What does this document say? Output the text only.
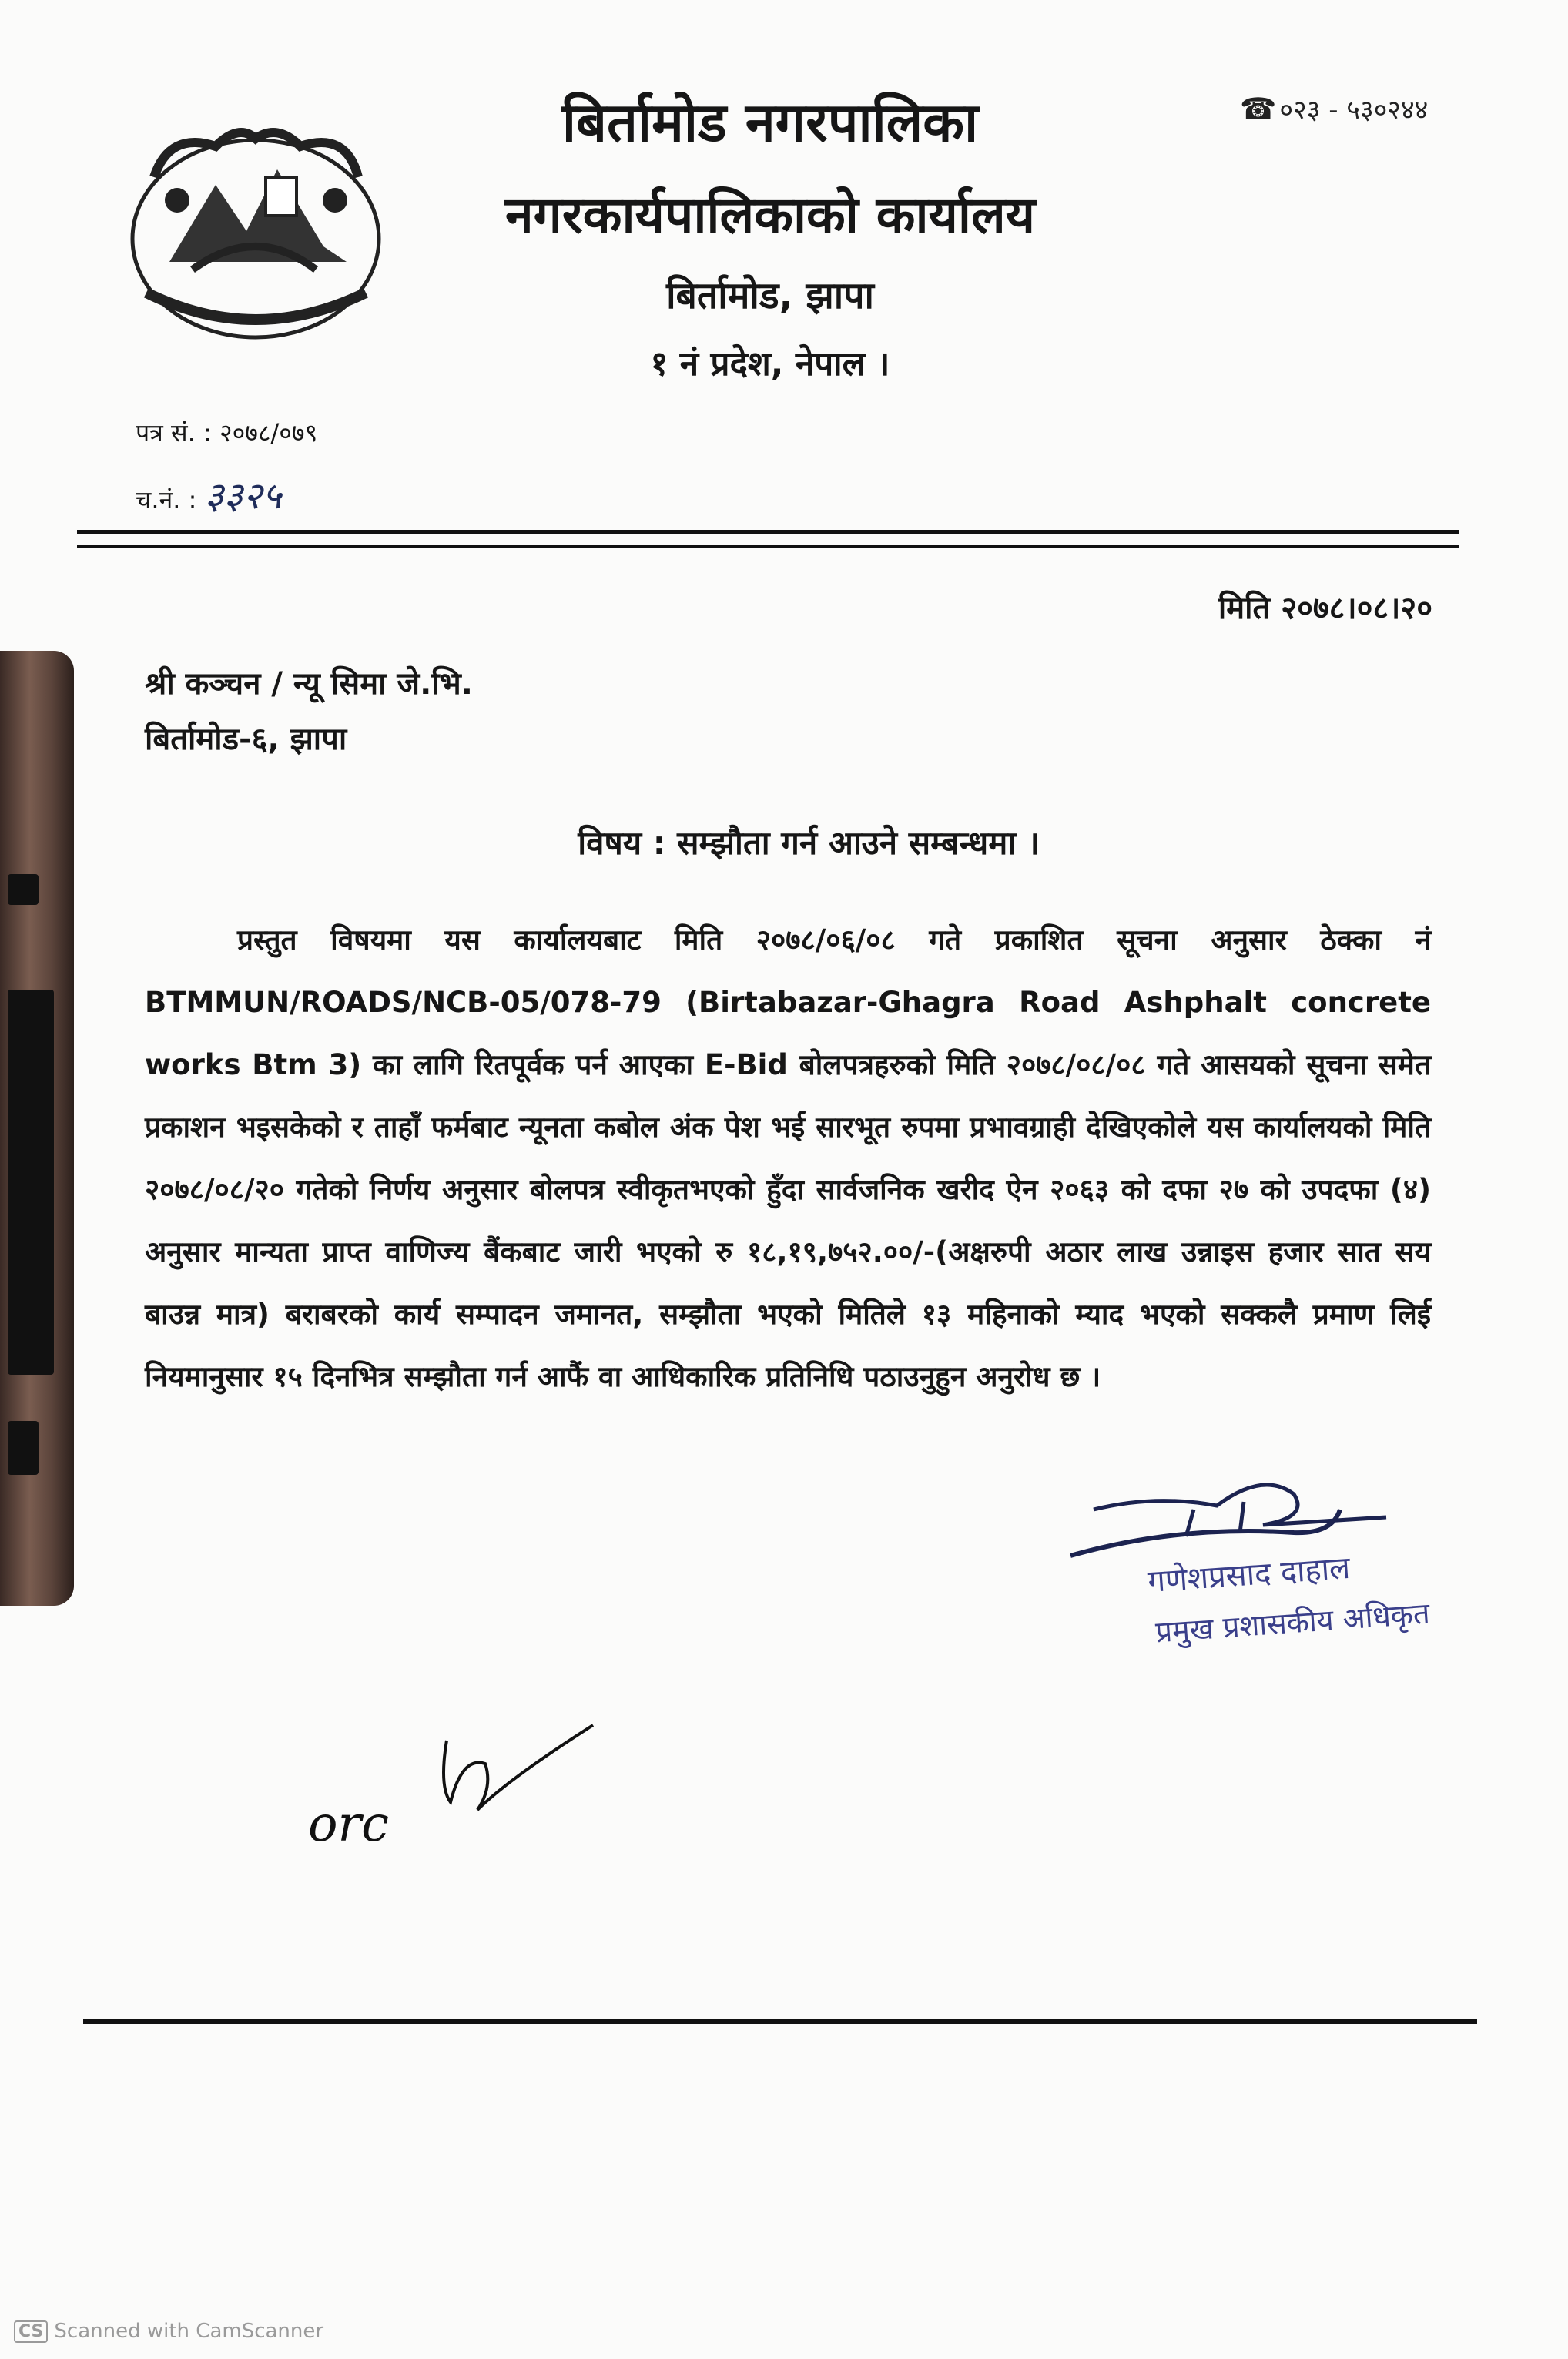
बिर्तामोड नगरपालिका
नगरकार्यपालिकाको कार्यालय
बिर्तामोड, झापा
१ नं प्रदेश, नेपाल ।
☎ ०२३ - ५३०२४४
पत्र सं. : २०७८/०७९
च.नं. : ३३२५
मिति २०७८।०८।२०
श्री कञ्चन / न्यू सिमा जे.भि.
बिर्तामोड-६, झापा
विषय : सम्झौता गर्न आउने सम्बन्धमा ।
प्रस्तुत विषयमा यस कार्यालयबाट मिति २०७८/०६/०८ गते प्रकाशित सूचना अनुसार ठेक्का नं BTMMUN/ROADS/NCB-05/078-79 (Birtabazar-Ghagra Road Ashphalt concrete works Btm 3) का लागि रितपूर्वक पर्न आएका E-Bid बोलपत्रहरुको मिति २०७८/०८/०८ गते आसयको सूचना समेत प्रकाशन भइसकेको र ताहाँ फर्मबाट न्यूनता कबोल अंक पेश भई सारभूत रुपमा प्रभावग्राही देखिएकोले यस कार्यालयको मिति २०७८/०८/२० गतेको निर्णय अनुसार बोलपत्र स्वीकृतभएको हुँदा सार्वजनिक खरीद ऐन २०६३ को दफा २७ को उपदफा (४) अनुसार मान्यता प्राप्त वाणिज्य बैंकबाट जारी भएको रु १८,१९,७५२.००/-(अक्षरुपी अठार लाख उन्नाइस हजार सात सय बाउन्न मात्र) बराबरको कार्य सम्पादन जमानत, सम्झौता भएको मितिले १३ महिनाको म्याद भएको सक्कलै प्रमाण लिई नियमानुसार १५ दिनभित्र सम्झौता गर्न आफैं वा आधिकारिक प्रतिनिधि पठाउनुहुन अनुरोध छ ।
गणेशप्रसाद दाहाल
प्रमुख प्रशासकीय अधिकृत
orc
CS Scanned with CamScanner
